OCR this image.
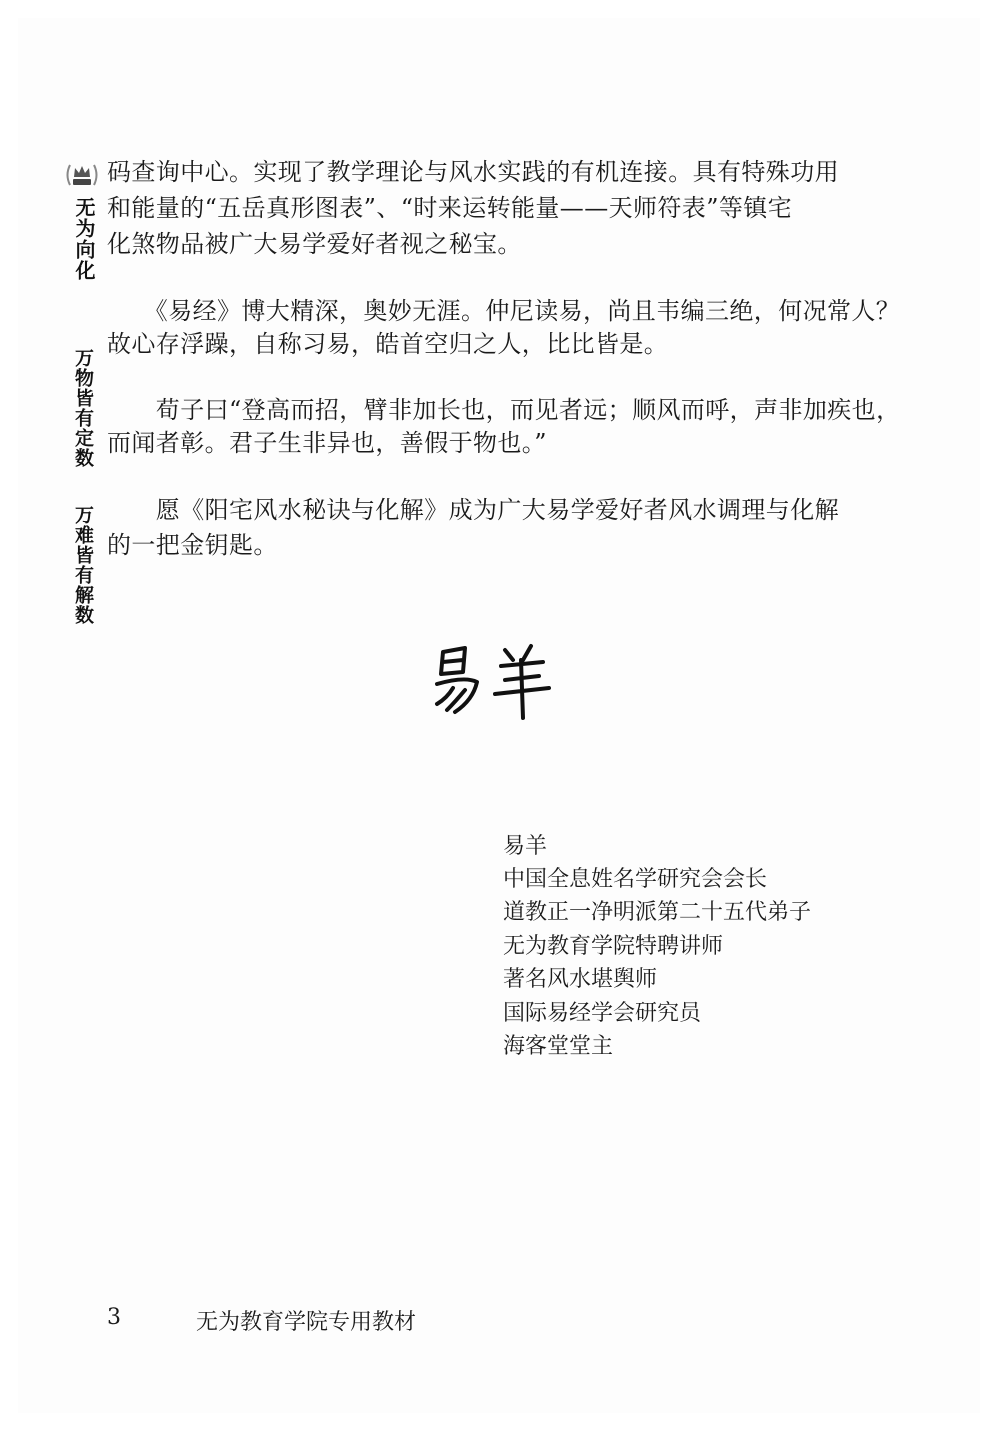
无为向化
万物皆有定数
万难皆有解数
码查询中心。实现了教学理论与风水实践的有机连接。具有特殊功用
和能量的“五岳真形图表”、“时来运转能量——天师符表”等镇宅
化煞物品被广大易学爱好者视之秘宝。
　　《易经》博大精深，奥妙无涯。仲尼读易，尚且韦编三绝，何况常人？
故心存浮躁，自称习易，皓首空归之人，比比皆是。
　　荀子曰“登高而招，臂非加长也，而见者远；顺风而呼，声非加疾也，
而闻者彰。君子生非异也，善假于物也。”
　　愿《阳宅风水秘诀与化解》成为广大易学爱好者风水调理与化解
的一把金钥匙。
易羊
中国全息姓名学研究会会长
道教正一净明派第二十五代弟子
无为教育学院特聘讲师
著名风水堪舆师
国际易经学会研究员
海客堂堂主
3	无为教育学院专用教材
